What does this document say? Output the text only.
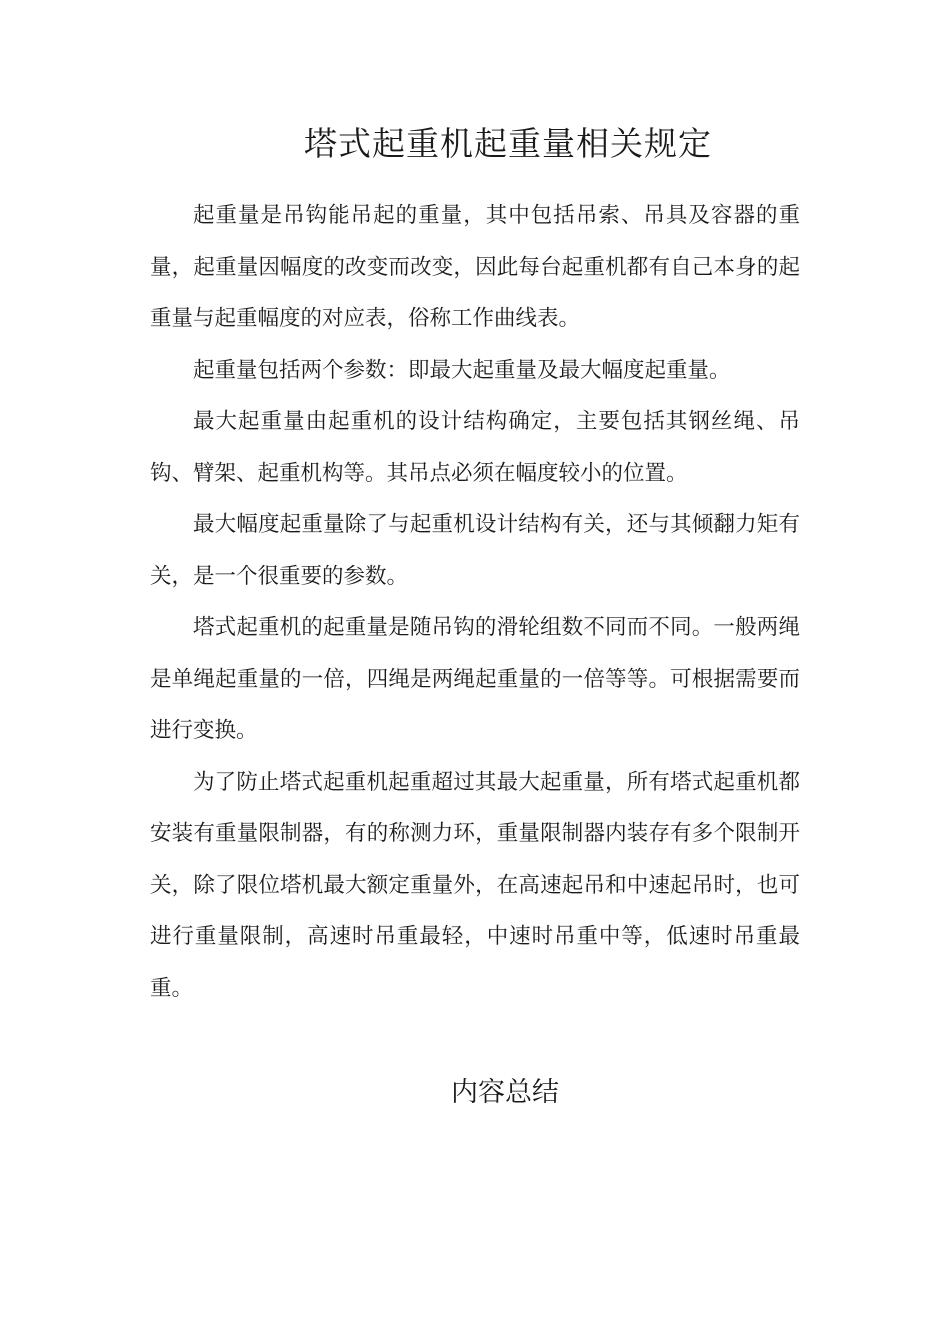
塔式起重机起重量相关规定

起重量是吊钩能吊起的重量，其中包括吊索、吊具及容器的重量，起重量因幅度的改变而改变，因此每台起重机都有自己本身的起重量与起重幅度的对应表，俗称工作曲线表。

起重量包括两个参数：即最大起重量及最大幅度起重量。

最大起重量由起重机的设计结构确定，主要包括其钢丝绳、吊钩、臂架、起重机构等。其吊点必须在幅度较小的位置。

最大幅度起重量除了与起重机设计结构有关，还与其倾翻力矩有关，是一个很重要的参数。

塔式起重机的起重量是随吊钩的滑轮组数不同而不同。一般两绳是单绳起重量的一倍，四绳是两绳起重量的一倍等等。可根据需要而进行变换。

为了防止塔式起重机起重超过其最大起重量，所有塔式起重机都安装有重量限制器，有的称测力环，重量限制器内装存有多个限制开关，除了限位塔机最大额定重量外，在高速起吊和中速起吊时，也可进行重量限制，高速时吊重最轻，中速时吊重中等，低速时吊重最重。

内容总结
